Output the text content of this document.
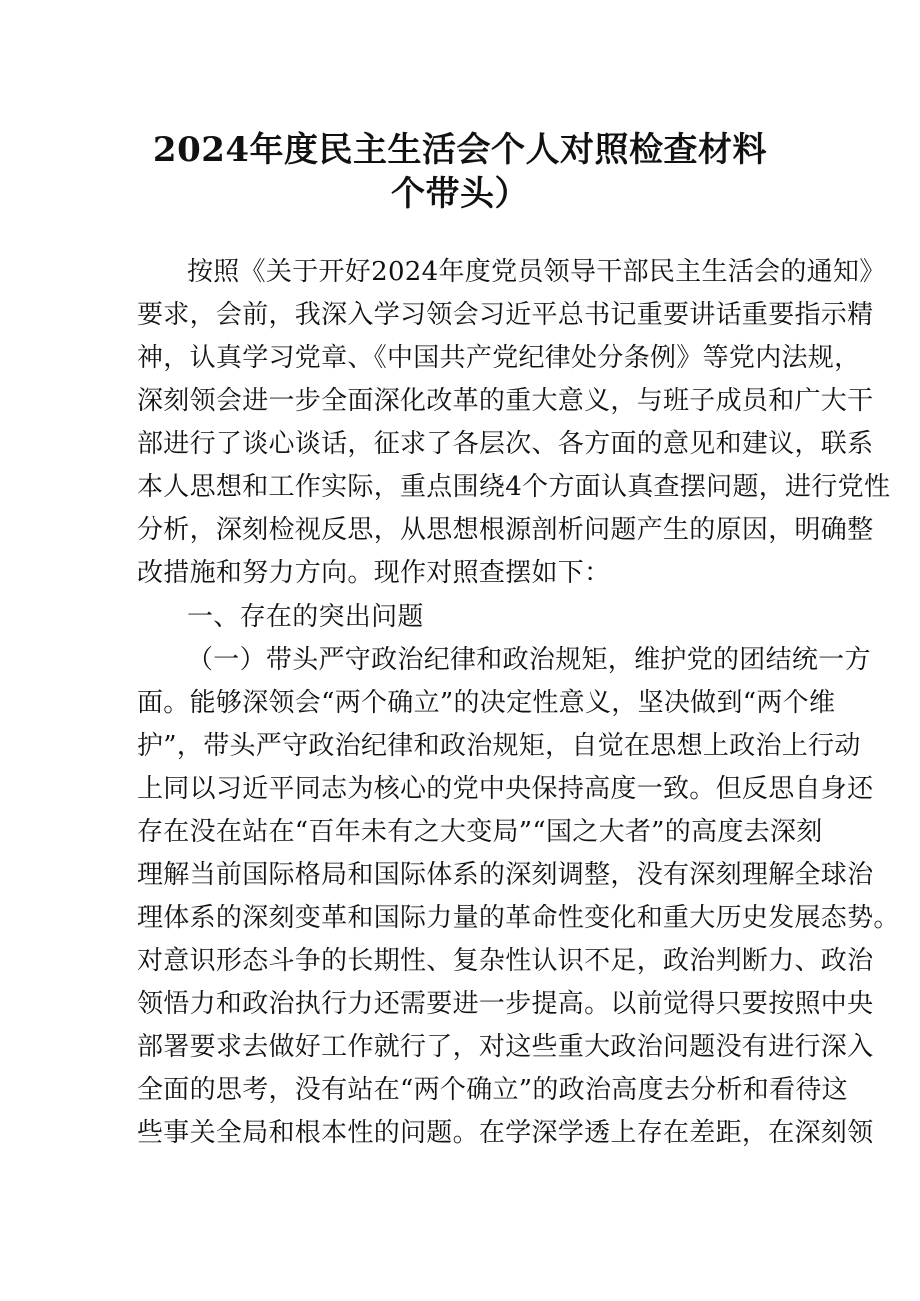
2024年度民主生活会个人对照检查材料
个带头）
按照《关于开好2024年度党员领导干部民主生活会的通知》
要求，会前，我深入学习领会习近平总书记重要讲话重要指示精
神，认真学习党章、《中国共产党纪律处分条例》等党内法规，
深刻领会进一步全面深化改革的重大意义，与班子成员和广大干
部进行了谈心谈话，征求了各层次、各方面的意见和建议，联系
本人思想和工作实际，重点围绕4个方面认真查摆问题，进行党性
分析，深刻检视反思，从思想根源剖析问题产生的原因，明确整
改措施和努力方向。现作对照查摆如下：
一、存在的突出问题
（一）带头严守政治纪律和政治规矩，维护党的团结统一方
面。能够深领会“两个确立”的决定性意义，坚决做到“两个维
护”，带头严守政治纪律和政治规矩，自觉在思想上政治上行动
上同以习近平同志为核心的党中央保持高度一致。但反思自身还
存在没在站在“百年未有之大变局”“国之大者”的高度去深刻
理解当前国际格局和国际体系的深刻调整，没有深刻理解全球治
理体系的深刻变革和国际力量的革命性变化和重大历史发展态势。
对意识形态斗争的长期性、复杂性认识不足，政治判断力、政治
领悟力和政治执行力还需要进一步提高。以前觉得只要按照中央
部署要求去做好工作就行了，对这些重大政治问题没有进行深入
全面的思考，没有站在“两个确立”的政治高度去分析和看待这
些事关全局和根本性的问题。在学深学透上存在差距，在深刻领
